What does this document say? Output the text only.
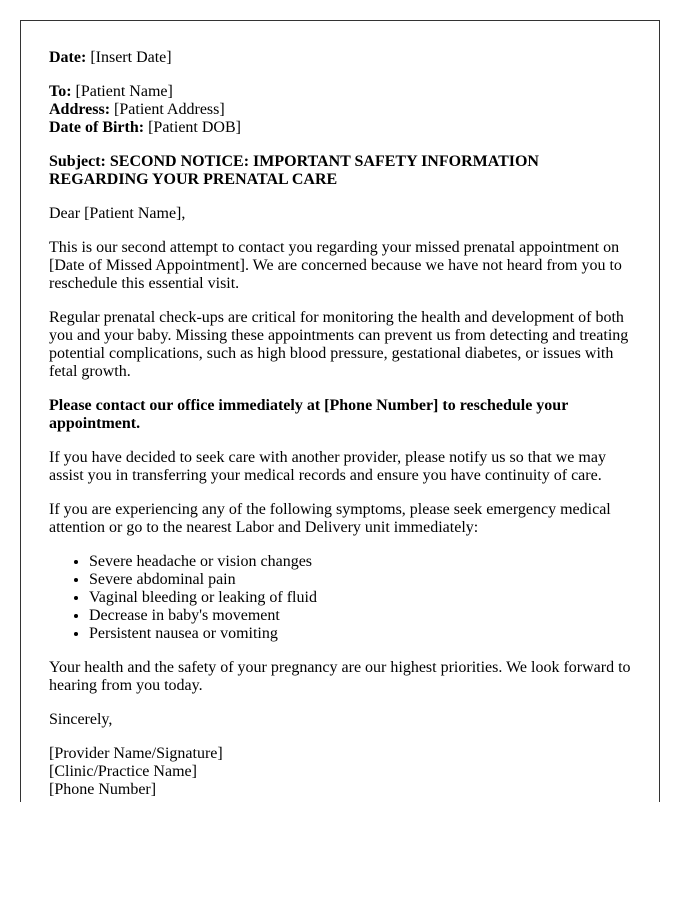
Date: [Insert Date]

To: [Patient Name]
Address: [Patient Address]
Date of Birth: [Patient DOB]

Subject: SECOND NOTICE: IMPORTANT SAFETY INFORMATION REGARDING YOUR PRENATAL CARE

Dear [Patient Name],

This is our second attempt to contact you regarding your missed prenatal appointment on [Date of Missed Appointment]. We are concerned because we have not heard from you to reschedule this essential visit.

Regular prenatal check-ups are critical for monitoring the health and development of both you and your baby. Missing these appointments can prevent us from detecting and treating potential complications, such as high blood pressure, gestational diabetes, or issues with fetal growth.

Please contact our office immediately at [Phone Number] to reschedule your appointment.

If you have decided to seek care with another provider, please notify us so that we may assist you in transferring your medical records and ensure you have continuity of care.

If you are experiencing any of the following symptoms, please seek emergency medical attention or go to the nearest Labor and Delivery unit immediately:

• Severe headache or vision changes
• Severe abdominal pain
• Vaginal bleeding or leaking of fluid
• Decrease in baby's movement
• Persistent nausea or vomiting

Your health and the safety of your pregnancy are our highest priorities. We look forward to hearing from you today.

Sincerely,

[Provider Name/Signature]

[Clinic/Practice Name]

[Phone Number]
